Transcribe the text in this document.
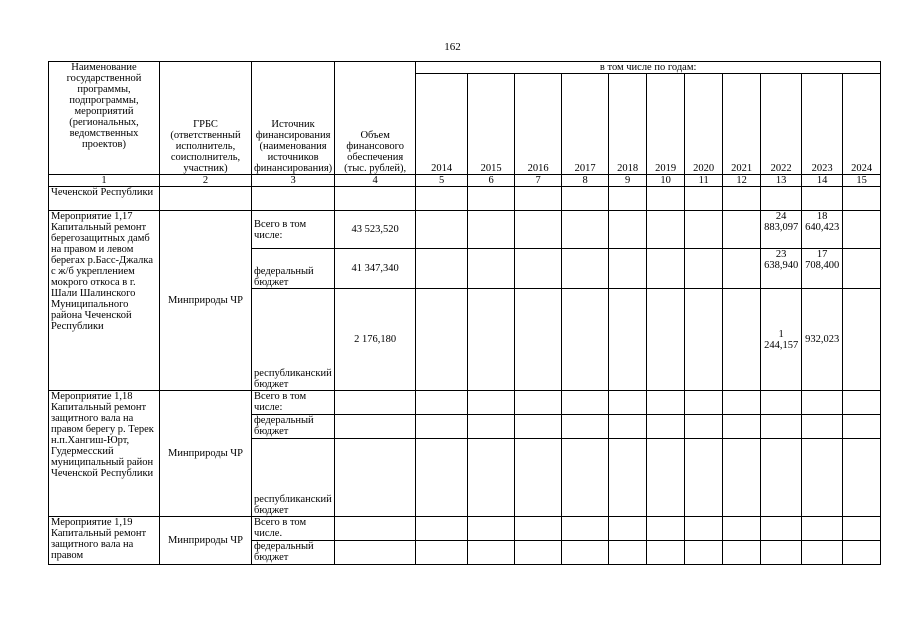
162
Наименование государственной программы, подпрограммы, мероприятий (региональных, ведомственных проектов)	ГРБС (ответственный исполнитель, соисполнитель, участник)	Источник финансирования (наименования источников финансирования)	Объем финансового обеспечения (тыс. рублей),	в том числе по годам:										
				2014	2015	2016	2017	2018	2019	2020	2021	2022	2023	2024
1	2	3	4	5	6	7	8	9	10	11	12	13	14	15
Чеченской Республики														
Мероприятие 1,17 Капитальный ремонт берегозащитных дамб на правом и левом берегах р.Басс-Джалка с ж/б укреплением мокрого откоса в г. Шали Шалинского Муниципального района Чеченской Республики	Минприроды ЧР	Всего в том числе:	43 523,520									24 883,097	18 640,423	
		федеральный бюджет	41 347,340									23 638,940	17 708,400	
		республиканский бюджет	2 176,180									1 244,157	932,023	
Мероприятие 1,18 Капитальный ремонт защитного вала на правом берегу р. Терек н.п.Хангиш-Юрт, Гудермесский муниципальный район Чеченской Республики	Минприроды ЧР	Всего в том числе:												
		федеральный бюджет												
		республиканский бюджет												
Мероприятие 1,19 Капитальный ремонт защитного вала на правом	Минприроды ЧР	Всего в том числе.												
		федеральный бюджет												
